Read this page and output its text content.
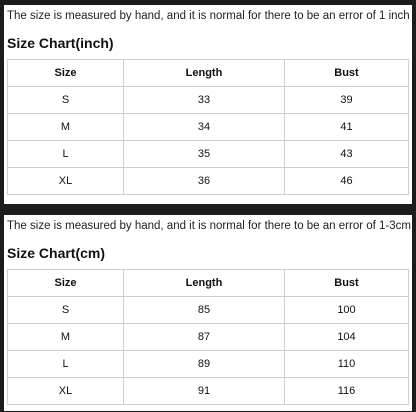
The size is measured by hand, and it is normal for there to be an error of 1 inch
Size Chart(inch)
Size	Length	Bust
S	33	39
M	34	41
L	35	43
XL	36	46
The size is measured by hand, and it is normal for there to be an error of 1-3cm
Size Chart(cm)
Size	Length	Bust
S	85	100
M	87	104
L	89	110
XL	91	116
